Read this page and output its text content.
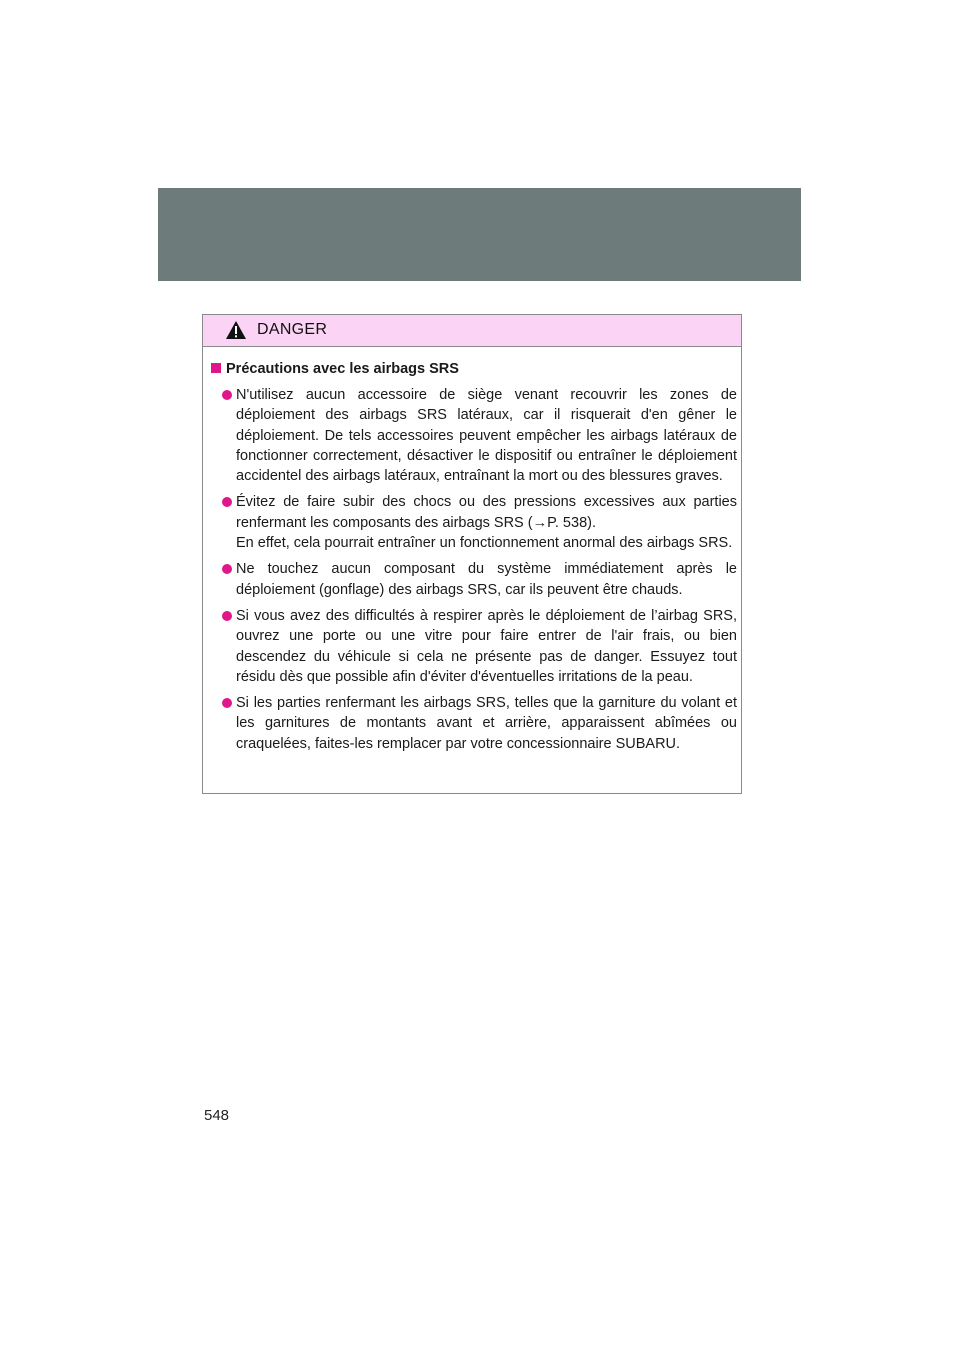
DANGER
Précautions avec les airbags SRS

N'utilisez aucun accessoire de siège venant recouvrir les zones de déploiement des airbags SRS latéraux, car il risquerait d'en gêner le déploiement. De tels accessoires peuvent empêcher les airbags latéraux de fonctionner correctement, désactiver le dispositif ou entraîner le déploiement accidentel des airbags latéraux, entraînant la mort ou des blessures graves.

Évitez de faire subir des chocs ou des pressions excessives aux parties renfermant les composants des airbags SRS (→P. 538).

En effet, cela pourrait entraîner un fonctionnement anormal des airbags SRS.

Ne touchez aucun composant du système immédiatement après le déploiement (gonflage) des airbags SRS, car ils peuvent être chauds.

Si vous avez des difficultés à respirer après le déploiement de l’airbag SRS, ouvrez une porte ou une vitre pour faire entrer de l'air frais, ou bien descendez du véhicule si cela ne présente pas de danger. Essuyez tout résidu dès que possible afin d'éviter d'éventuelles irritations de la peau.

Si les parties renfermant les airbags SRS, telles que la garniture du volant et les garnitures de montants avant et arrière, apparaissent abîmées ou craquelées, faites-les remplacer par votre concessionnaire SUBARU.

548
